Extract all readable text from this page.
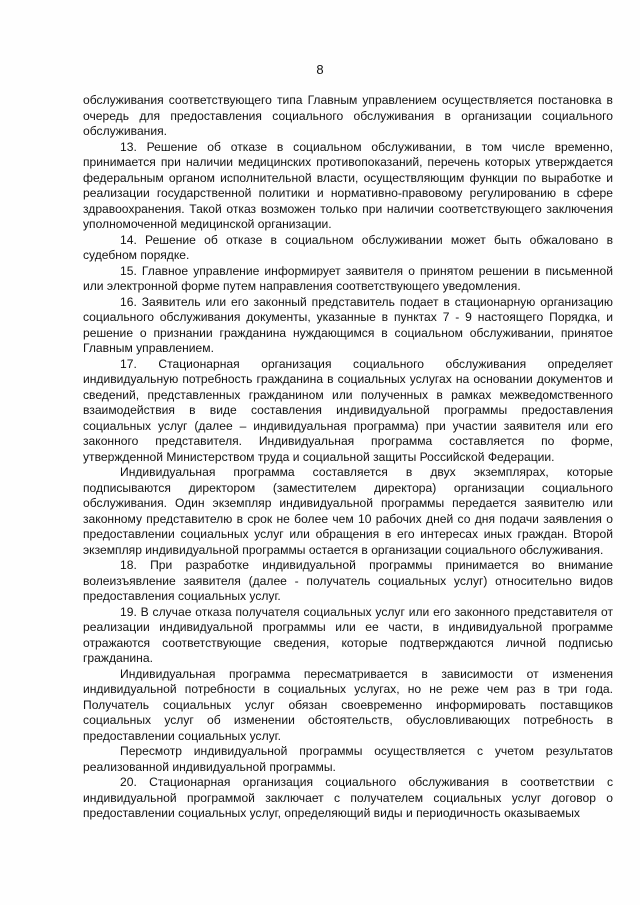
8

обслуживания соответствующего типа Главным управлением осуществляется постановка в очередь для предоставления социального обслуживания в организации социального обслуживания.

13. Решение об отказе в социальном обслуживании, в том числе временно, принимается при наличии медицинских противопоказаний, перечень которых утверждается федеральным органом исполнительной власти, осуществляющим функции по выработке и реализации государственной политики и нормативно-правовому регулированию в сфере здравоохранения. Такой отказ возможен только при наличии соответствующего заключения уполномоченной медицинской организации.

14. Решение об отказе в социальном обслуживании может быть обжаловано в судебном порядке.

15. Главное управление информирует заявителя о принятом решении в письменной или электронной форме путем направления соответствующего уведомления.

16. Заявитель или его законный представитель подает в стационарную организацию социального обслуживания документы, указанные в пунктах 7 - 9 настоящего Порядка, и решение о признании гражданина нуждающимся в социальном обслуживании, принятое Главным управлением.

17. Стационарная организация социального обслуживания определяет индивидуальную потребность гражданина в социальных услугах на основании документов и сведений, представленных гражданином или полученных в рамках межведомственного взаимодействия в виде составления индивидуальной программы предоставления социальных услуг (далее – индивидуальная программа) при участии заявителя или его законного представителя. Индивидуальная программа составляется по форме, утвержденной Министерством труда и социальной защиты Российской Федерации.

Индивидуальная программа составляется в двух экземплярах, которые подписываются директором (заместителем директора) организации социального обслуживания. Один экземпляр индивидуальной программы передается заявителю или законному представителю в срок не более чем 10 рабочих дней со дня подачи заявления о предоставлении социальных услуг или обращения в его интересах иных граждан. Второй экземпляр индивидуальной программы остается в организации социального обслуживания.

18. При разработке индивидуальной программы принимается во внимание волеизъявление заявителя (далее - получатель социальных услуг) относительно видов предоставления социальных услуг.

19. В случае отказа получателя социальных услуг или его законного представителя от реализации индивидуальной программы или ее части, в индивидуальной программе отражаются соответствующие сведения, которые подтверждаются личной подписью гражданина.

Индивидуальная программа пересматривается в зависимости от изменения индивидуальной потребности в социальных услугах, но не реже чем раз в три года. Получатель социальных услуг обязан своевременно информировать поставщиков социальных услуг об изменении обстоятельств, обусловливающих потребность в предоставлении социальных услуг.

Пересмотр индивидуальной программы осуществляется с учетом результатов реализованной индивидуальной программы.

20. Стационарная организация социального обслуживания в соответствии с индивидуальной программой заключает с получателем социальных услуг договор о предоставлении социальных услуг, определяющий виды и периодичность оказываемых
